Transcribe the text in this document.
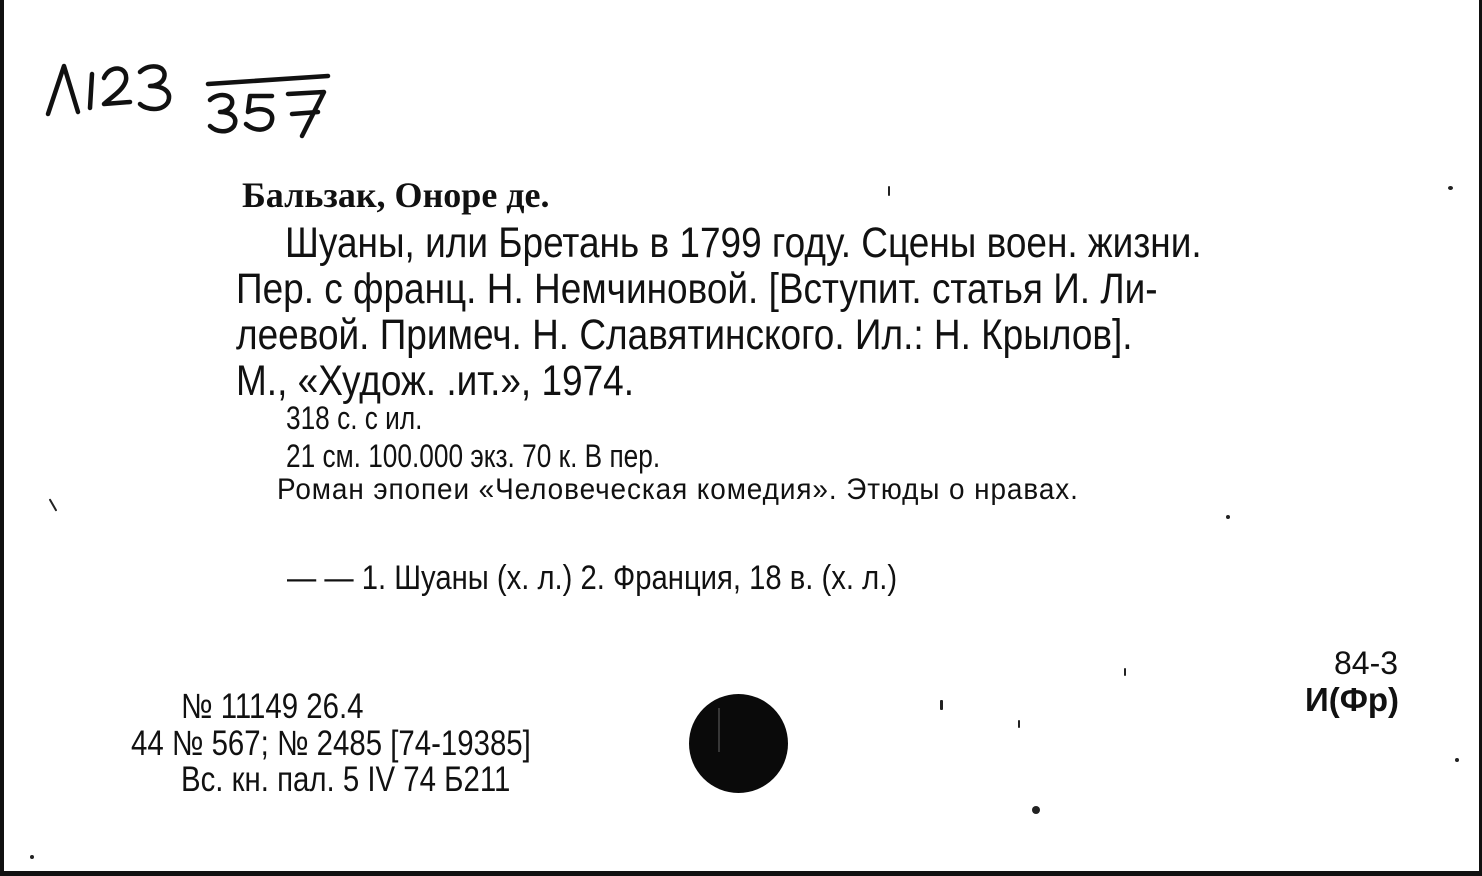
Бальзак, Оноре де.
Шуаны, или Бретань в 1799 году. Сцены воен. жизни.
Пер. с франц. Н. Немчиновой. [Вступит. статья И. Ли-
леевой. Примеч. Н. Славятинского. Ил.: Н. Крылов].
М., «Худож. .ит.», 1974.
318 с. с ил.
21 см. 100.000 экз. 70 к. В пер.
Роман эпопеи «Человеческая комедия». Этюды о нравах.
— — 1. Шуаны (х. л.) 2. Франция, 18 в. (х. л.)
84-3
И(Фр)
№ 11149 26.4
44 № 567; № 2485 [74-19385]
Вс. кн. пал. 5 IV 74 Б211
